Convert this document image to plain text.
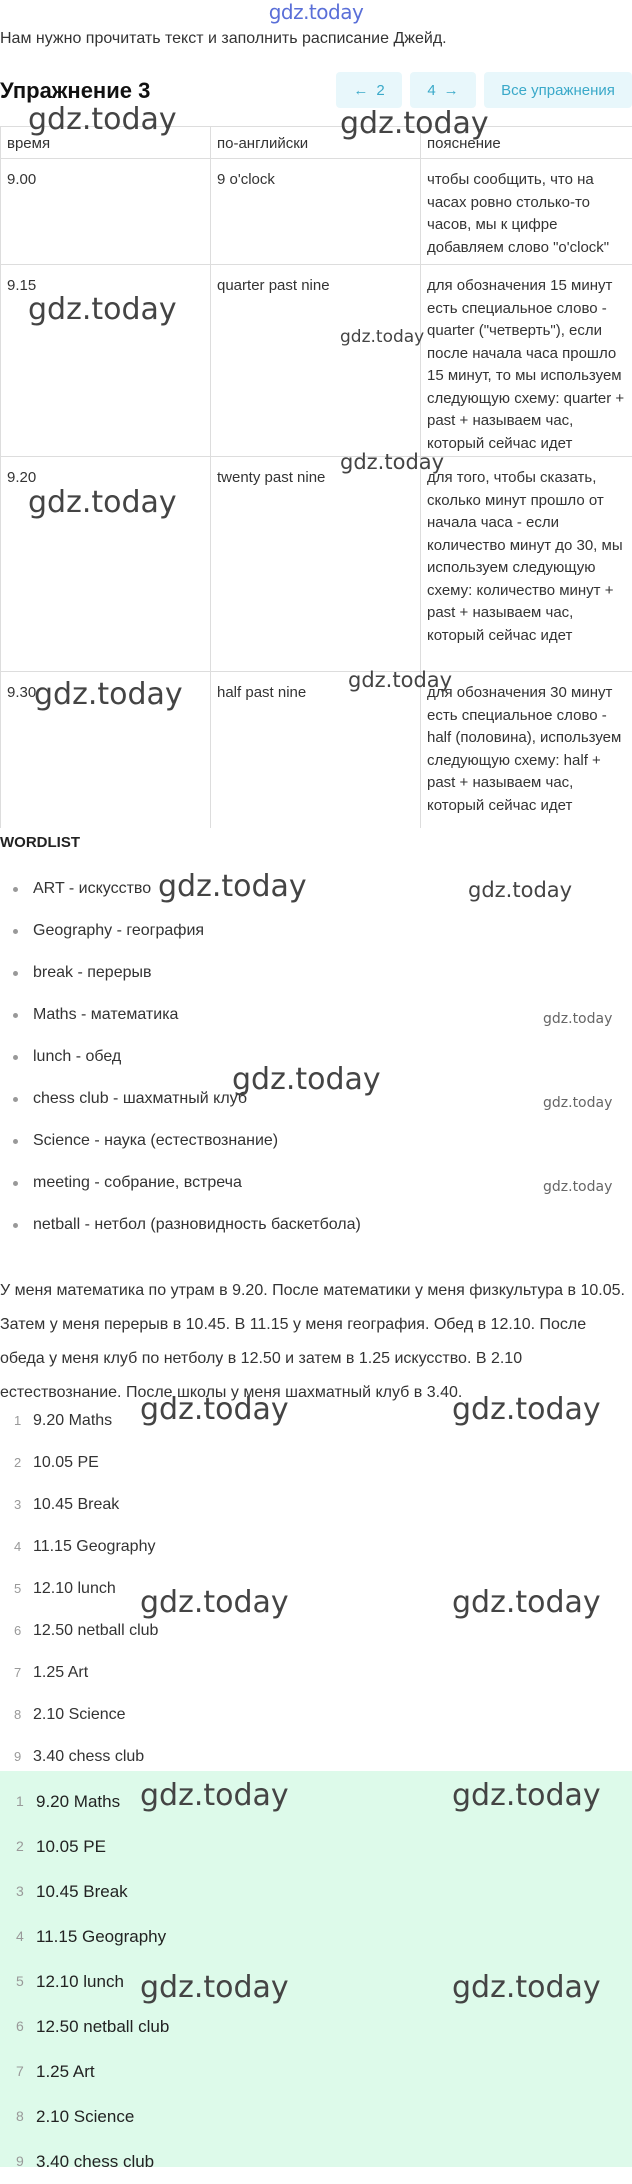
gdz.today
Нам нужно прочитать текст и заполнить расписание Джейд.
Упражнение 3	← 2	4 →	Все упражнения
время	по-английски	пояснение
9.00	9 o'clock	чтобы сообщить, что на часах ровно столько-то часов, мы к цифре добавляем слово "o'clock"
9.15	quarter past nine	для обозначения 15 минут есть специальное слово - quarter ("четверть"), если после начала часа прошло 15 минут, то мы используем следующую схему: quarter + past + называем час, который сейчас идет
9.20	twenty past nine	для того, чтобы сказать, сколько минут прошло от начала часа - если количество минут до 30, мы используем следующую схему: количество минут + past + называем час, который сейчас идет
9.30	half past nine	для обозначения 30 минут есть специальное слово - half (половина), используем следующую схему: half + past + называем час, который сейчас идет
WORDLIST
ART - искусство
Geography - география
break - перерыв
Maths - математика
lunch - обед
chess club - шахматный клуб
Science - наука (естествознание)
meeting - собрание, встреча
netball - нетбол (разновидность баскетбола)
У меня математика по утрам в 9.20. После математики у меня физкультура в 10.05. Затем у меня перерыв в 10.45. В 11.15 у меня география. Обед в 12.10. После обеда у меня клуб по нетболу в 12.50 и затем в 1.25 искусство. В 2.10 естествознание. После школы у меня шахматный клуб в 3.40.
1 9.20 Maths
2 10.05 PE
3 10.45 Break
4 11.15 Geography
5 12.10 lunch
6 12.50 netball club
7 1.25 Art
8 2.10 Science
9 3.40 chess club
1 9.20 Maths
2 10.05 PE
3 10.45 Break
4 11.15 Geography
5 12.10 lunch
6 12.50 netball club
7 1.25 Art
8 2.10 Science
9 3.40 chess club
gdz.today	gdz.today
gdz.today
gdz.today
gdz.today
gdz.today
gdz.today
gdz.today
gdz.today	gdz.today
gdz.today
gdz.today
gdz.today
gdz.today
gdz.today	gdz.today
gdz.today	gdz.today
gdz.today	gdz.today
gdz.today	gdz.today
